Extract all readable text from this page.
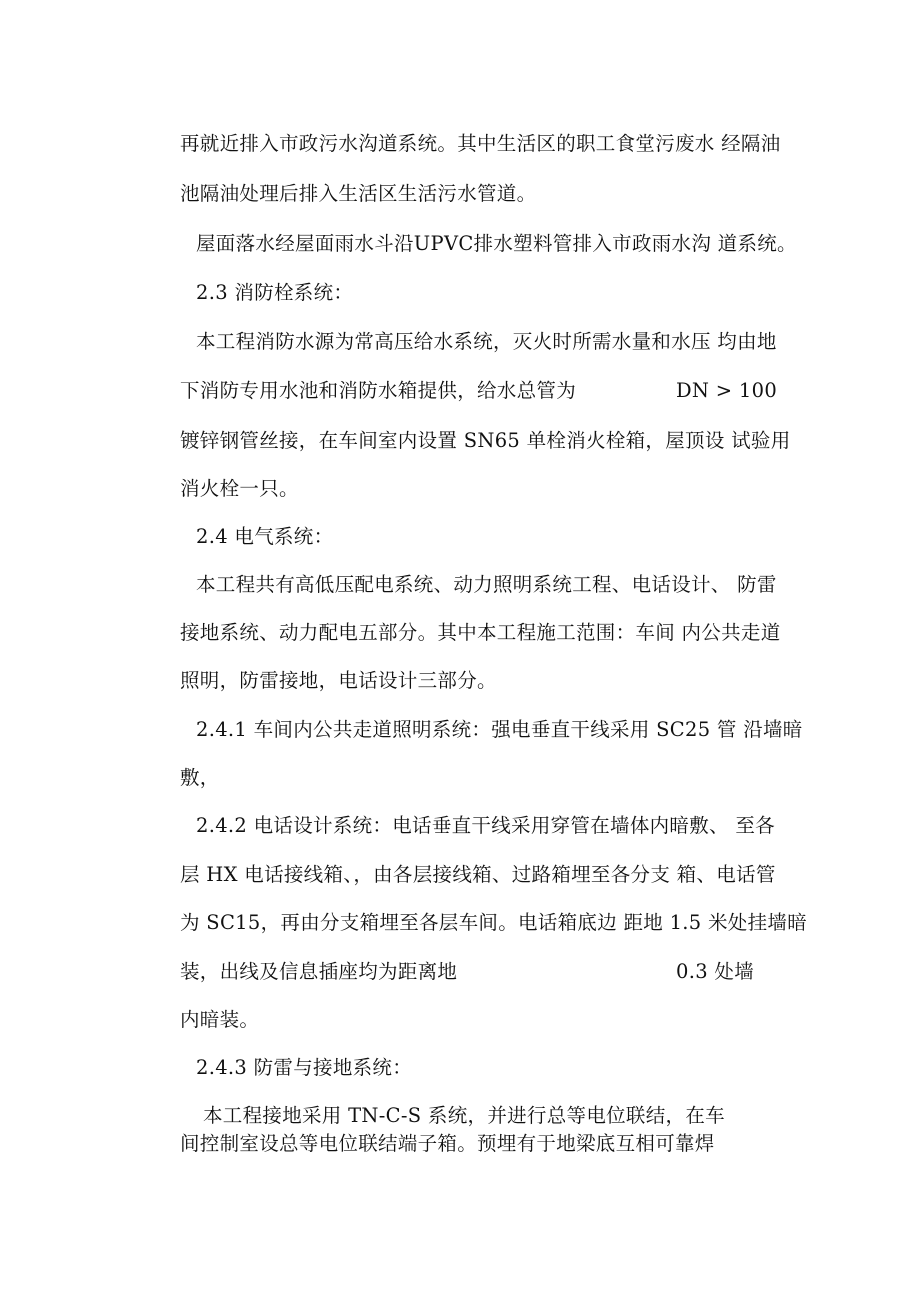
再就近排入市政污水沟道系统。其中生活区的职工食堂污废水 经隔油
池隔油处理后排入生活区生活污水管道。
屋面落水经屋面雨水斗沿UPVC排水塑料管排入市政雨水沟 道系统。
2.3 消防栓系统：
本工程消防水源为常高压给水系统，灭火时所需水量和水压 均由地
下消防专用水池和消防水箱提供，给水总管为	DN > 100
镀锌钢管丝接，在车间室内设置 SN65 单栓消火栓箱，屋顶设 试验用
消火栓一只。
2.4 电气系统：
本工程共有高低压配电系统、动力照明系统工程、电话设计、 防雷
接地系统、动力配电五部分。其中本工程施工范围：车间 内公共走道
照明，防雷接地，电话设计三部分。
2.4.1 车间内公共走道照明系统：强电垂直干线采用 SC25 管 沿墙暗
敷，
2.4.2 电话设计系统：电话垂直干线采用穿管在墙体内暗敷、 至各
层 HX 电话接线箱、，由各层接线箱、过路箱埋至各分支 箱、电话管
为 SC15，再由分支箱埋至各层车间。电话箱底边 距地 1.5 米处挂墙暗
装，出线及信息插座均为距离地	0.3 处墙
内暗装。
2.4.3 防雷与接地系统：
本工程接地采用 TN-C-S 系统，并进行总等电位联结，在车
间控制室设总等电位联结端子箱。预埋有于地梁底互相可靠焊
